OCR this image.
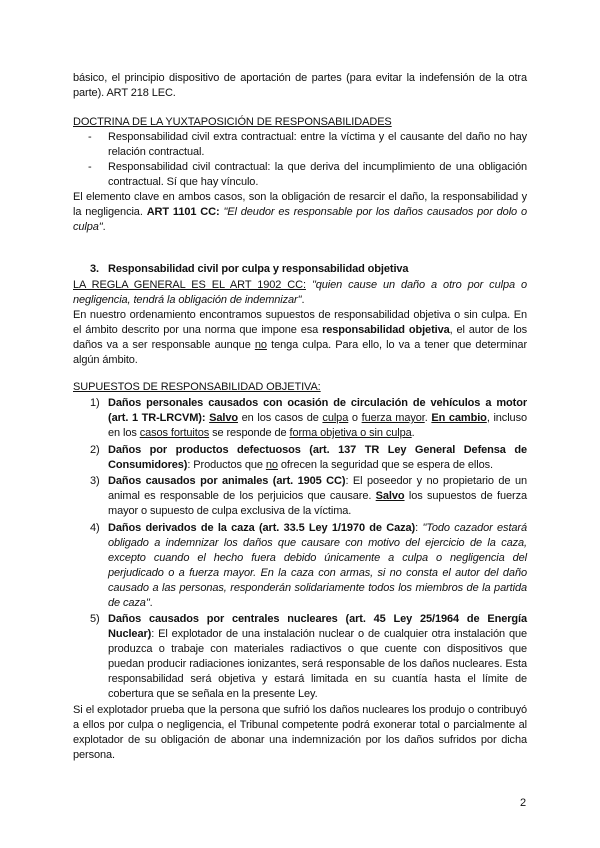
básico, el principio dispositivo de aportación de partes (para evitar la indefensión de la otra parte). ART 218 LEC.
DOCTRINA DE LA YUXTAPOSICIÓN DE RESPONSABILIDADES
- Responsabilidad civil extra contractual: entre la víctima y el causante del daño no hay relación contractual.
- Responsabilidad civil contractual: la que deriva del incumplimiento de una obligación contractual. Sí que hay vínculo.
El elemento clave en ambos casos, son la obligación de resarcir el daño, la responsabilidad y la negligencia. ART 1101 CC: "El deudor es responsable por los daños causados por dolo o culpa".
3. Responsabilidad civil por culpa y responsabilidad objetiva
LA REGLA GENERAL ES EL ART 1902 CC: "quien cause un daño a otro por culpa o negligencia, tendrá la obligación de indemnizar".
En nuestro ordenamiento encontramos supuestos de responsabilidad objetiva o sin culpa. En el ámbito descrito por una norma que impone esa responsabilidad objetiva, el autor de los daños va a ser responsable aunque no tenga culpa. Para ello, lo va a tener que determinar algún ámbito.
SUPUESTOS DE RESPONSABILIDAD OBJETIVA:
1) Daños personales causados con ocasión de circulación de vehículos a motor (art. 1 TR-LRCVM): Salvo en los casos de culpa o fuerza mayor. En cambio, incluso en los casos fortuitos se responde de forma objetiva o sin culpa.
2) Daños por productos defectuosos (art. 137 TR Ley General Defensa de Consumidores): Productos que no ofrecen la seguridad que se espera de ellos.
3) Daños causados por animales (art. 1905 CC): El poseedor y no propietario de un animal es responsable de los perjuicios que causare. Salvo los supuestos de fuerza mayor o supuesto de culpa exclusiva de la víctima.
4) Daños derivados de la caza (art. 33.5 Ley 1/1970 de Caza): "Todo cazador estará obligado a indemnizar los daños que causare con motivo del ejercicio de la caza, excepto cuando el hecho fuera debido únicamente a culpa o negligencia del perjudicado o a fuerza mayor. En la caza con armas, si no consta el autor del daño causado a las personas, responderán solidariamente todos los miembros de la partida de caza".
5) Daños causados por centrales nucleares (art. 45 Ley 25/1964 de Energía Nuclear): El explotador de una instalación nuclear o de cualquier otra instalación que produzca o trabaje con materiales radiactivos o que cuente con dispositivos que puedan producir radiaciones ionizantes, será responsable de los daños nucleares. Esta responsabilidad será objetiva y estará limitada en su cuantía hasta el límite de cobertura que se señala en la presente Ley.
Si el explotador prueba que la persona que sufrió los daños nucleares los produjo o contribuyó a ellos por culpa o negligencia, el Tribunal competente podrá exonerar total o parcialmente al explotador de su obligación de abonar una indemnización por los daños sufridos por dicha persona.
2
